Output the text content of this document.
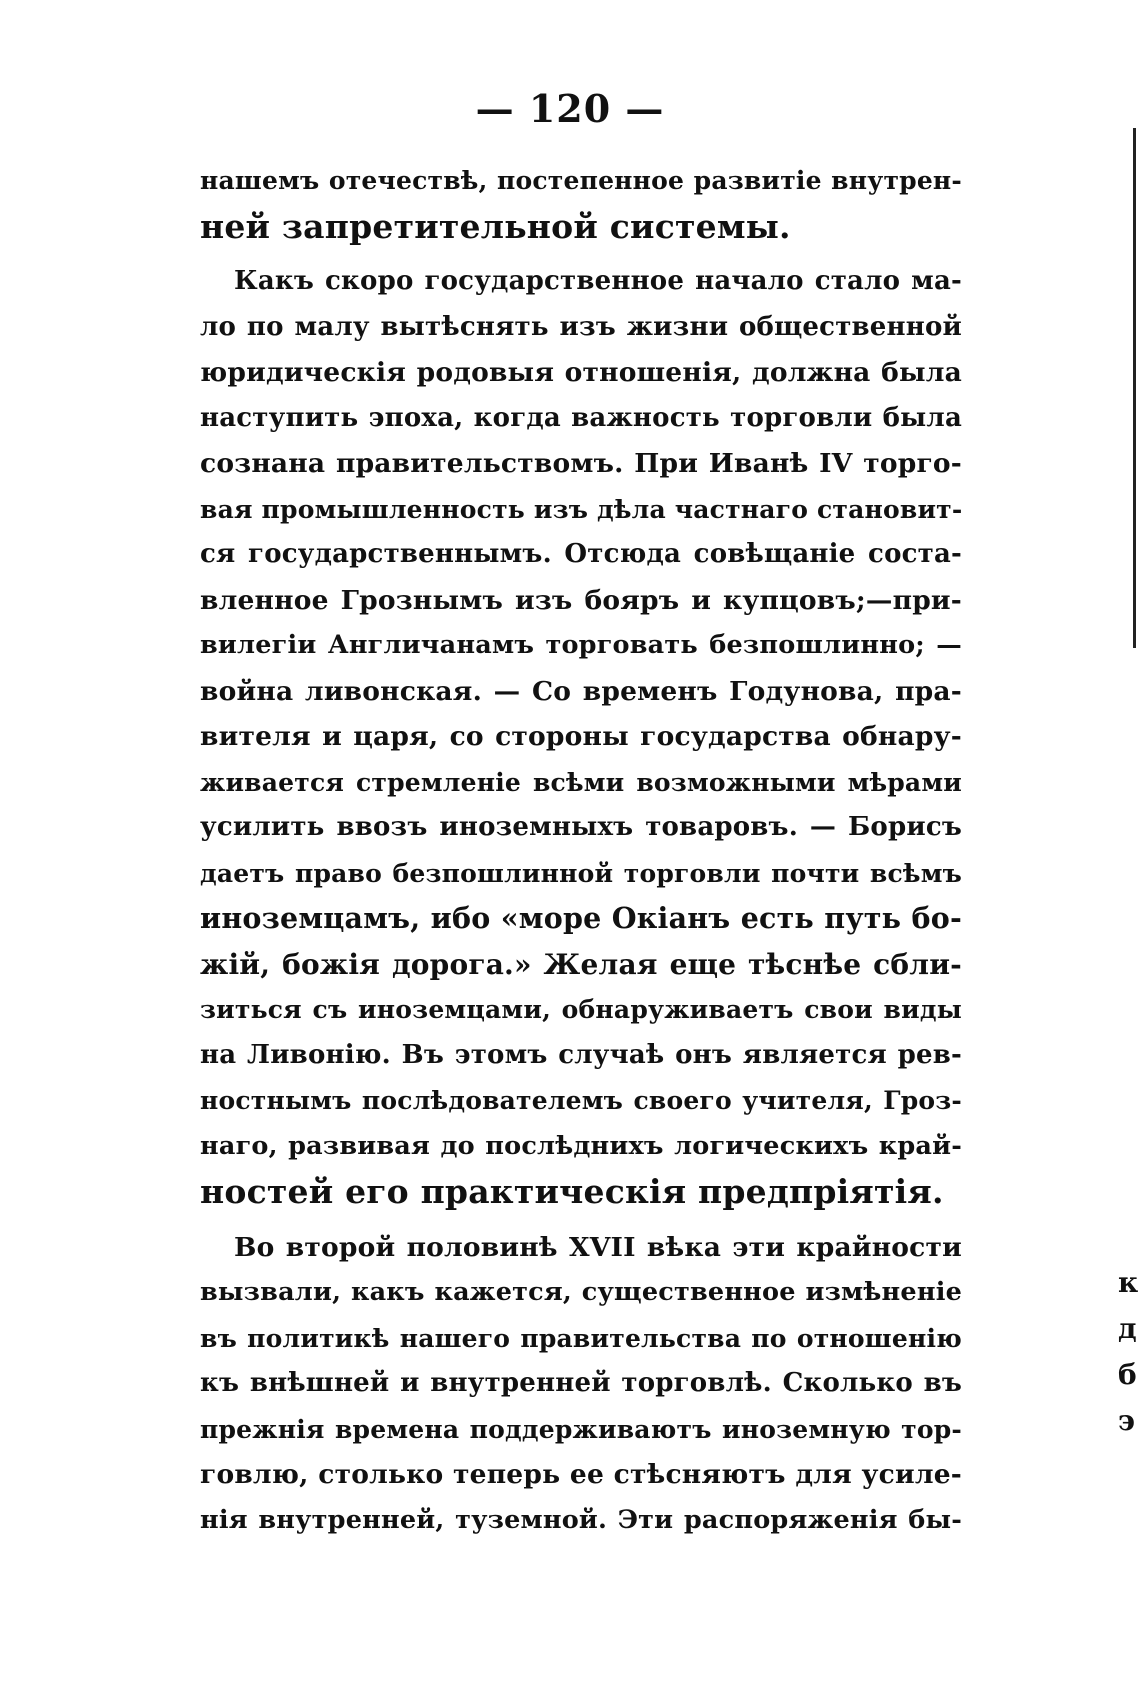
— 120 —
нашемъ отечествѣ, постепенное развитіе внутрен-
ней запретительной системы.
Какъ скоро государственное начало стало ма-
ло по малу вытѣснять изъ жизни общественной
юридическія родовыя отношенія, должна была
наступить эпоха, когда важность торговли была
сознана правительствомъ. При Иванѣ IV торго-
вая промышленность изъ дѣла частнаго становит-
ся государственнымъ. Отсюда совѣщаніе соста-
вленное Грознымъ изъ бояръ и купцовъ;—при-
вилегіи Англичанамъ торговать безпошлинно; —
война ливонская. — Со временъ Годунова, пра-
вителя и царя, со стороны государства обнару-
живается стремленіе всѣми возможными мѣрами
усилить ввозъ иноземныхъ товаровъ. — Борисъ
даетъ право безпошлинной торговли почти всѣмъ
иноземцамъ, ибо «море Окіанъ есть путь бо-
жій, божія дорога.» Желая еще тѣснѣе сбли-
зиться съ иноземцами, обнаруживаетъ свои виды
на Ливонію. Въ этомъ случаѣ онъ является рев-
ностнымъ послѣдователемъ своего учителя, Гроз-
наго, развивая до послѣднихъ логическихъ край-
ностей его практическія предпріятія.
Во второй половинѣ XVII вѣка эти крайности
вызвали, какъ кажется, существенное измѣненіе
въ политикѣ нашего правительства по отношенію
къ внѣшней и внутренней торговлѣ. Сколько въ
прежнія времена поддерживаютъ иноземную тор-
говлю, столько теперь ее стѣсняютъ для усиле-
нія внутренней, туземной. Эти распоряженія бы-
к
д
б
э
